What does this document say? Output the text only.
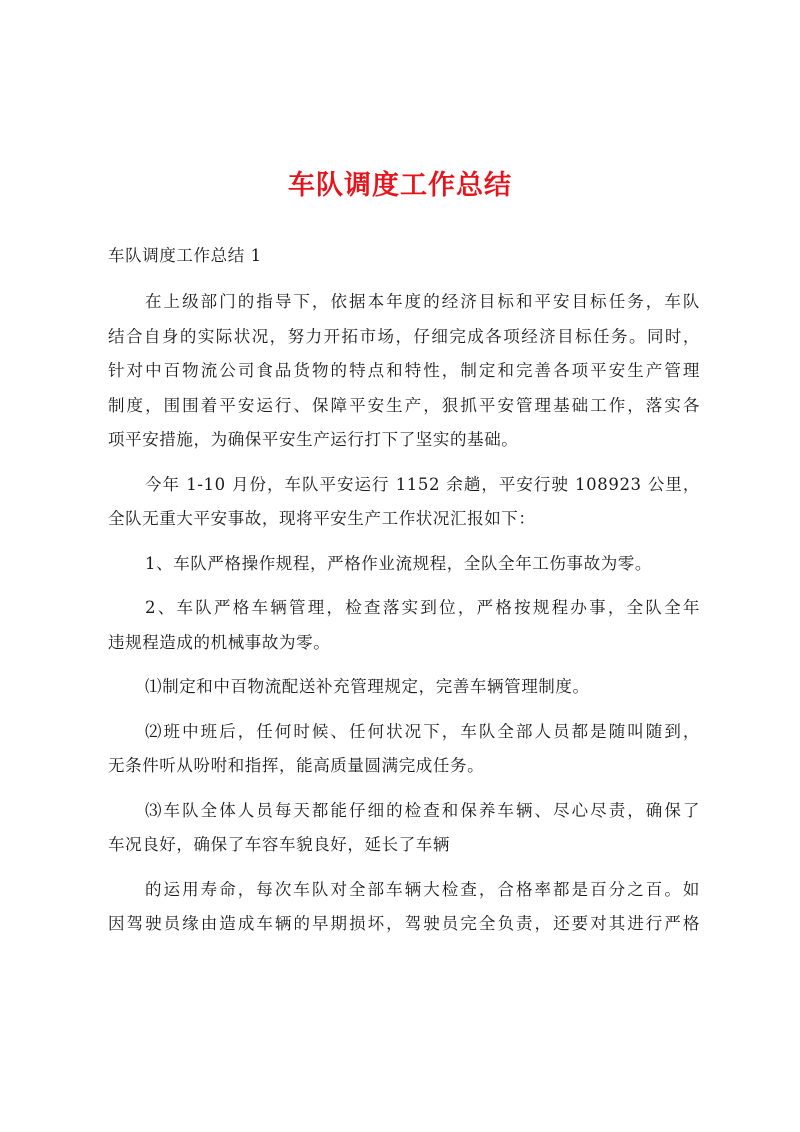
车队调度工作总结
车队调度工作总结 1
在上级部门的指导下，依据本年度的经济目标和平安目标任务，车队
结合自身的实际状况，努力开拓市场，仔细完成各项经济目标任务。同时，
针对中百物流公司食品货物的特点和特性，制定和完善各项平安生产管理
制度，围围着平安运行、保障平安生产，狠抓平安管理基础工作，落实各
项平安措施，为确保平安生产运行打下了坚实的基础。
今年 1-10 月份，车队平安运行 1152 余趟，平安行驶 108923 公里，
全队无重大平安事故，现将平安生产工作状况汇报如下：
1、车队严格操作规程，严格作业流规程，全队全年工伤事故为零。
2、车队严格车辆管理，检查落实到位，严格按规程办事，全队全年
违规程造成的机械事故为零。
⑴制定和中百物流配送补充管理规定，完善车辆管理制度。
⑵班中班后，任何时候、任何状况下，车队全部人员都是随叫随到，
无条件听从吩咐和指挥，能高质量圆满完成任务。
⑶车队全体人员每天都能仔细的检查和保养车辆、尽心尽责，确保了
车况良好，确保了车容车貌良好，延长了车辆
的运用寿命，每次车队对全部车辆大检查，合格率都是百分之百。如
因驾驶员缘由造成车辆的早期损坏，驾驶员完全负责，还要对其进行严格
